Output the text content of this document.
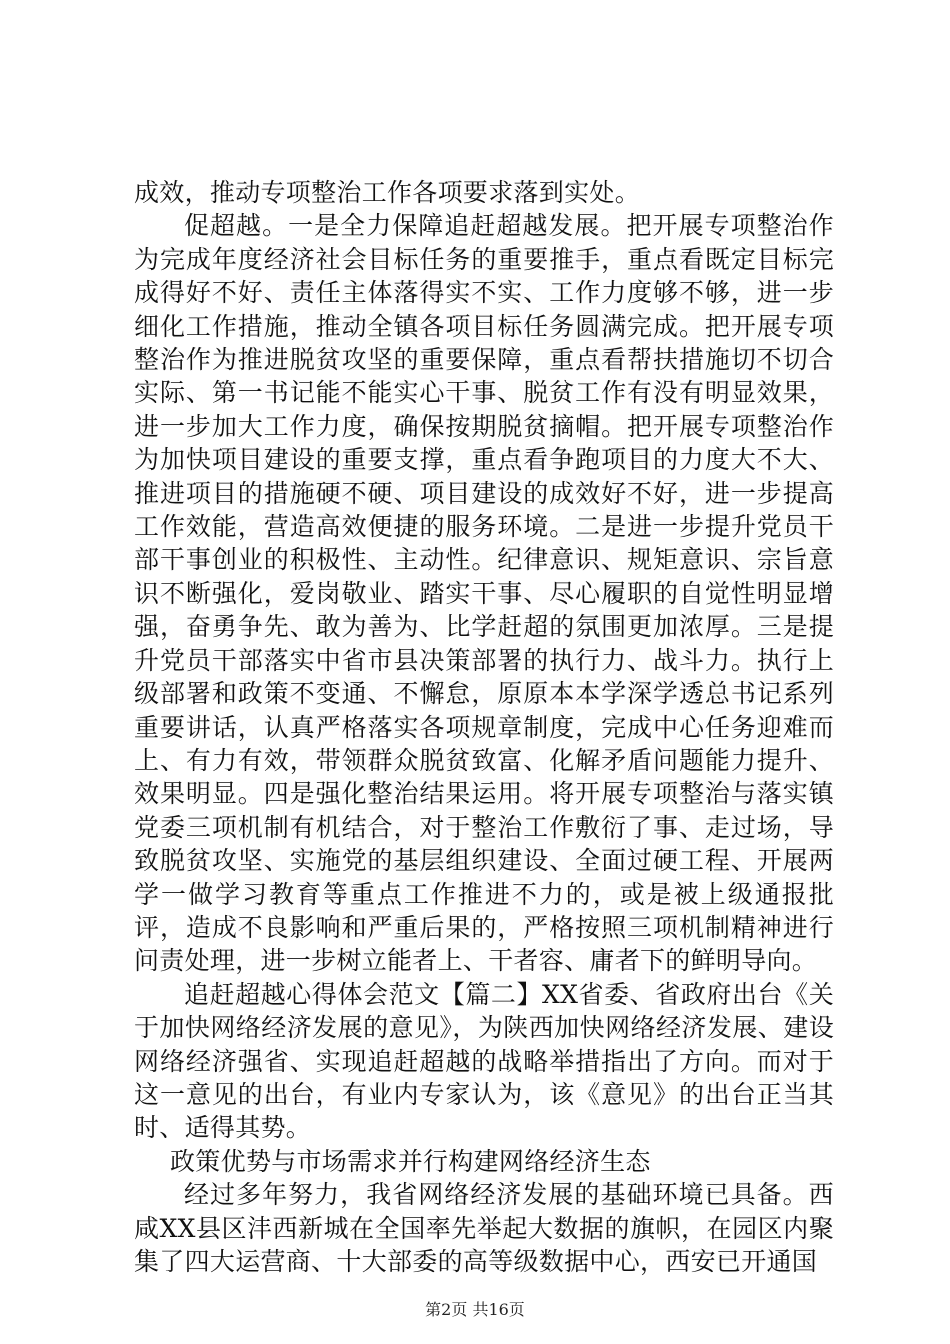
成效，推动专项整治工作各项要求落到实处。

促超越。一是全力保障追赶超越发展。把开展专项整治作为完成年度经济社会目标任务的重要推手，重点看既定目标完成得好不好、责任主体落得实不实、工作力度够不够，进一步细化工作措施，推动全镇各项目标任务圆满完成。把开展专项整治作为推进脱贫攻坚的重要保障，重点看帮扶措施切不切合实际、第一书记能不能实心干事、脱贫工作有没有明显效果，进一步加大工作力度，确保按期脱贫摘帽。把开展专项整治作为加快项目建设的重要支撑，重点看争跑项目的力度大不大、推进项目的措施硬不硬、项目建设的成效好不好，进一步提高工作效能，营造高效便捷的服务环境。二是进一步提升党员干部干事创业的积极性、主动性。纪律意识、规矩意识、宗旨意识不断强化，爱岗敬业、踏实干事、尽心履职的自觉性明显增强，奋勇争先、敢为善为、比学赶超的氛围更加浓厚。三是提升党员干部落实中省市县决策部署的执行力、战斗力。执行上级部署和政策不变通、不懈怠，原原本本学深学透总书记系列重要讲话，认真严格落实各项规章制度，完成中心任务迎难而上、有力有效，带领群众脱贫致富、化解矛盾问题能力提升、效果明显。四是强化整治结果运用。将开展专项整治与落实镇党委三项机制有机结合，对于整治工作敷衍了事、走过场，导致脱贫攻坚、实施党的基层组织建设、全面过硬工程、开展两学一做学习教育等重点工作推进不力的，或是被上级通报批评，造成不良影响和严重后果的，严格按照三项机制精神进行问责处理，进一步树立能者上、干者容、庸者下的鲜明导向。

追赶超越心得体会范文【篇二】XX省委、省政府出台《关于加快网络经济发展的意见》，为陕西加快网络经济发展、建设网络经济强省、实现追赶超越的战略举措指出了方向。而对于这一意见的出台，有业内专家认为，该《意见》的出台正当其时、适得其势。

政策优势与市场需求并行构建网络经济生态

经过多年努力，我省网络经济发展的基础环境已具备。西咸XX县区沣西新城在全国率先举起大数据的旗帜，在园区内聚集了四大运营商、十大部委的高等级数据中心，西安已开通国

第2页 共16页
